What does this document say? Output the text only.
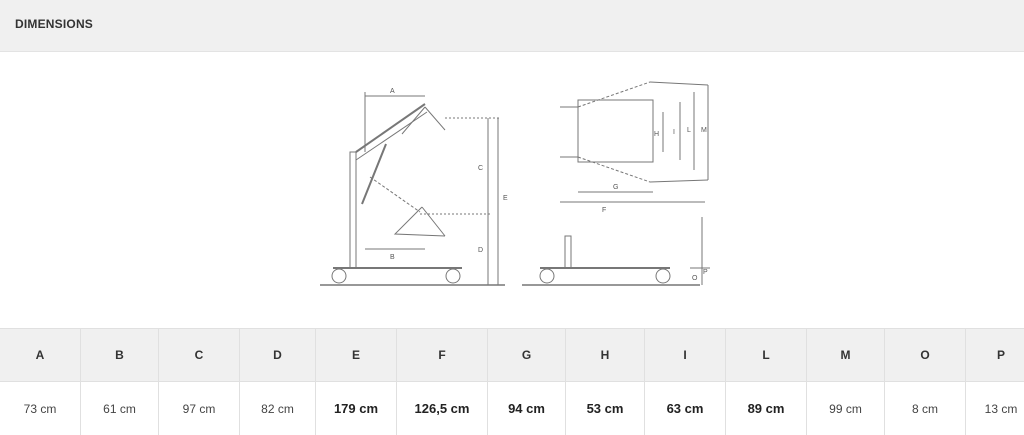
DIMENSIONS
A
B
C
D
E
F
G
H I L M
O
P
A	B	C	D	E	F	G	H	I	L	M	O	P
73 cm	61 cm	97 cm	82 cm	179 cm	126,5 cm	94 cm	53 cm	63 cm	89 cm	99 cm	8 cm	13 cm
